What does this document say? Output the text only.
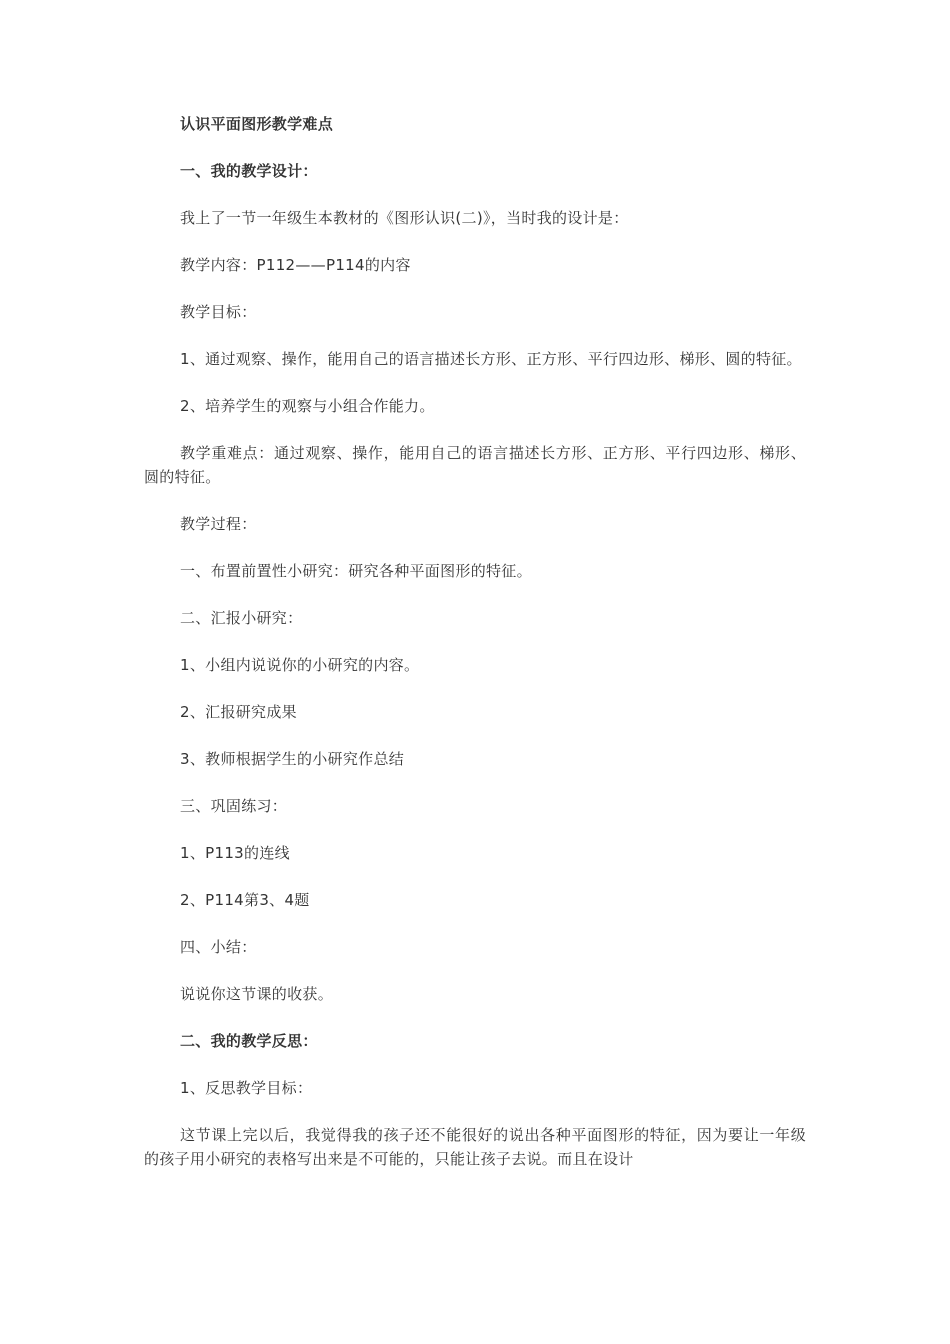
认识平面图形教学难点

一、我的教学设计：

我上了一节一年级生本教材的《图形认识(二)》，当时我的设计是：

教学内容：P112——P114的内容

教学目标：

1、通过观察、操作，能用自己的语言描述长方形、正方形、平行四边形、梯形、圆的特征。

2、培养学生的观察与小组合作能力。

教学重难点：通过观察、操作，能用自己的语言描述长方形、正方形、平行四边形、梯形、圆的特征。

教学过程：

一、布置前置性小研究：研究各种平面图形的特征。

二、汇报小研究：

1、小组内说说你的小研究的内容。

2、汇报研究成果

3、教师根据学生的小研究作总结

三、巩固练习：

1、P113的连线

2、P114第3、4题

四、小结：

说说你这节课的收获。

二、我的教学反思：

1、反思教学目标：

这节课上完以后，我觉得我的孩子还不能很好的说出各种平面图形的特征，因为要让一年级的孩子用小研究的表格写出来是不可能的，只能让孩子去说。而且在设计
